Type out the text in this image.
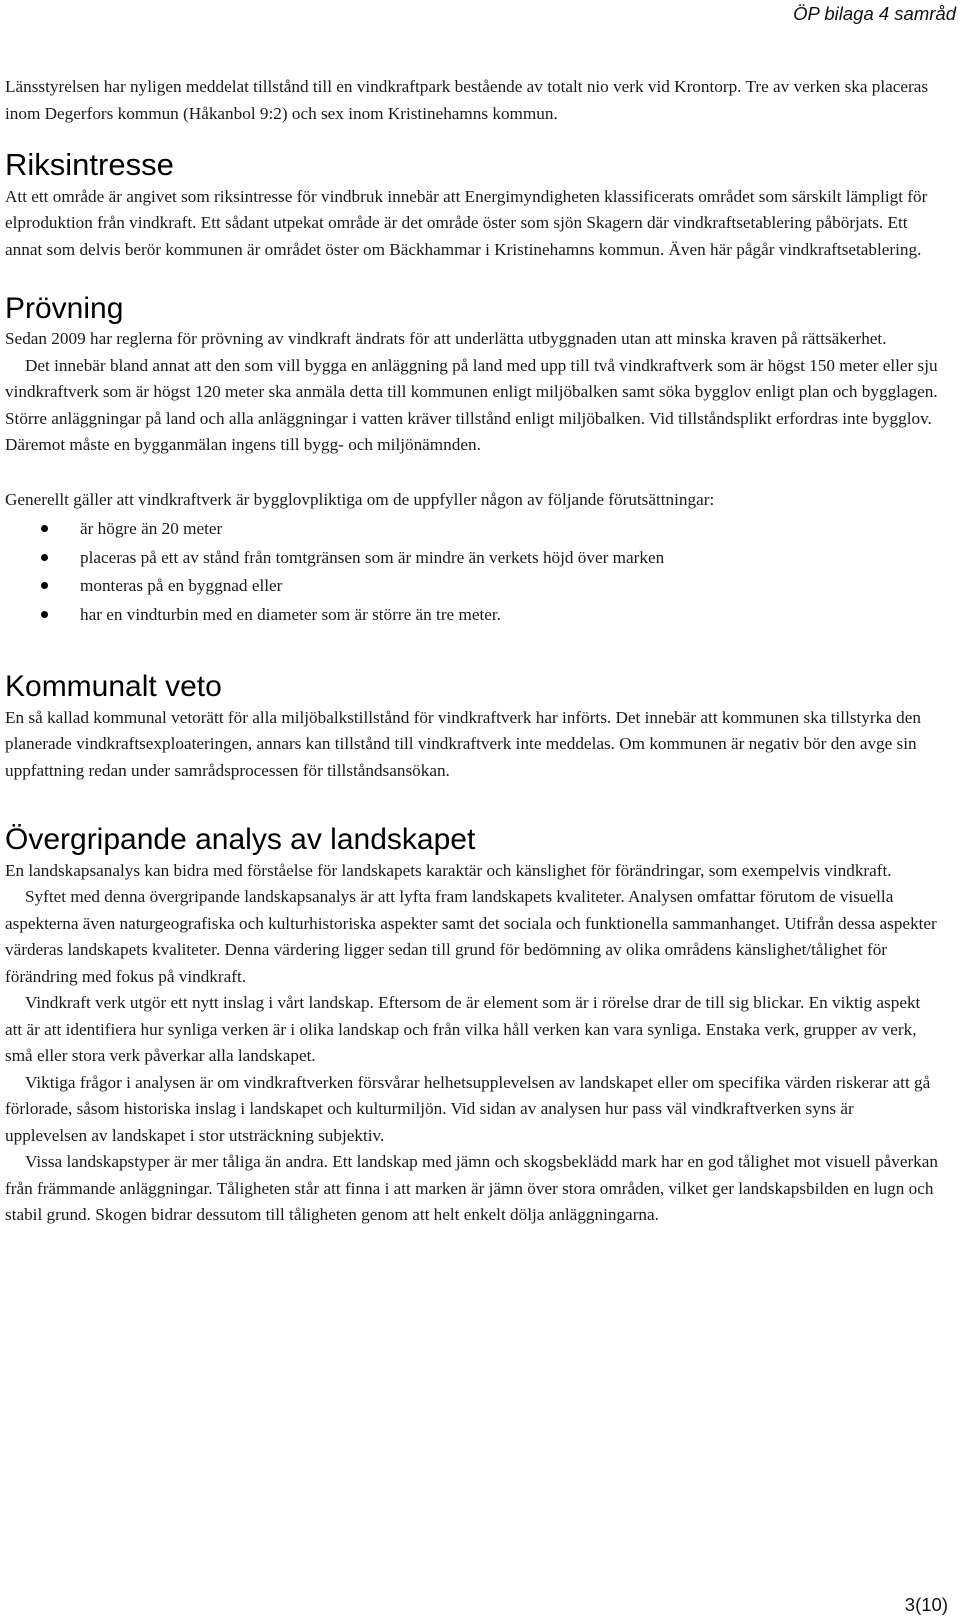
ÖP bilaga 4 samråd

Länsstyrelsen har nyligen meddelat tillstånd till en vindkraftpark bestående av totalt nio verk vid Krontorp. Tre av verken ska placeras inom Degerfors kommun (Håkanbol 9:2) och sex inom Kristinehamns kommun.

Riksintresse

Att ett område är angivet som riksintresse för vindbruk innebär att Energimyndigheten klassificerats området som särskilt lämpligt för elproduktion från vindkraft. Ett sådant utpekat område är det område öster som sjön Skagern där vindkraftsetablering påbörjats. Ett annat som delvis berör kommunen är området öster om Bäckhammar i Kristinehamns kommun. Även här pågår vindkraftsetablering.

Prövning

Sedan 2009 har reglerna för prövning av vindkraft ändrats för att underlätta utbyggnaden utan att minska kraven på rättsäkerhet.

Det innebär bland annat att den som vill bygga en anläggning på land med upp till två vindkraftverk som är högst 150 meter eller sju vindkraftverk som är högst 120 meter ska anmäla detta till kommunen enligt miljöbalken samt söka bygglov enligt plan och bygglagen. Större anläggningar på land och alla anläggningar i vatten kräver tillstånd enligt miljöbalken. Vid tillståndsplikt erfordras inte bygglov. Däremot måste en bygganmälan ingens till bygg- och miljönämnden.

Generellt gäller att vindkraftverk är bygglovpliktiga om de uppfyller någon av följande förutsättningar:

är högre än 20 meter
placeras på ett av stånd från tomtgränsen som är mindre än verkets höjd över marken
monteras på en byggnad eller
har en vindturbin med en diameter som är större än tre meter.
Kommunalt veto

En så kallad kommunal vetorätt för alla miljöbalkstillstånd för vindkraftverk har införts. Det innebär att kommunen ska tillstyrka den planerade vindkraftsexploateringen, annars kan tillstånd till vindkraftverk inte meddelas. Om kommunen är negativ bör den avge sin uppfattning redan under samrådsprocessen för tillståndsansökan.

Övergripande analys av landskapet

En landskapsanalys kan bidra med förståelse för landskapets karaktär och känslighet för förändringar, som exempelvis vindkraft.

Syftet med denna övergripande landskapsanalys är att lyfta fram landskapets kvaliteter. Analysen omfattar förutom de visuella aspekterna även naturgeografiska och kulturhistoriska aspekter samt det sociala och funktionella sammanhanget. Utifrån dessa aspekter värderas landskapets kvaliteter. Denna värdering ligger sedan till grund för bedömning av olika områdens känslighet/tålighet för förändring med fokus på vindkraft.

Vindkraft verk utgör ett nytt inslag i vårt landskap. Eftersom de är element som är i rörelse drar de till sig blickar. En viktig aspekt att är att identifiera hur synliga verken är i olika landskap och från vilka håll verken kan vara synliga. Enstaka verk, grupper av verk, små eller stora verk påverkar alla landskapet.

Viktiga frågor i analysen är om vindkraftverken försvårar helhetsupplevelsen av landskapet eller om specifika värden riskerar att gå förlorade, såsom historiska inslag i landskapet och kulturmiljön. Vid sidan av analysen hur pass väl vindkraftverken syns är upplevelsen av landskapet i stor utsträckning subjektiv.

Vissa landskapstyper är mer tåliga än andra. Ett landskap med jämn och skogsbeklädd mark har en god tålighet mot visuell påverkan från främmande anläggningar. Tåligheten står att finna i att marken är jämn över stora områden, vilket ger landskapsbilden en lugn och stabil grund. Skogen bidrar dessutom till tåligheten genom att helt enkelt dölja anläggningarna.

3(10)
